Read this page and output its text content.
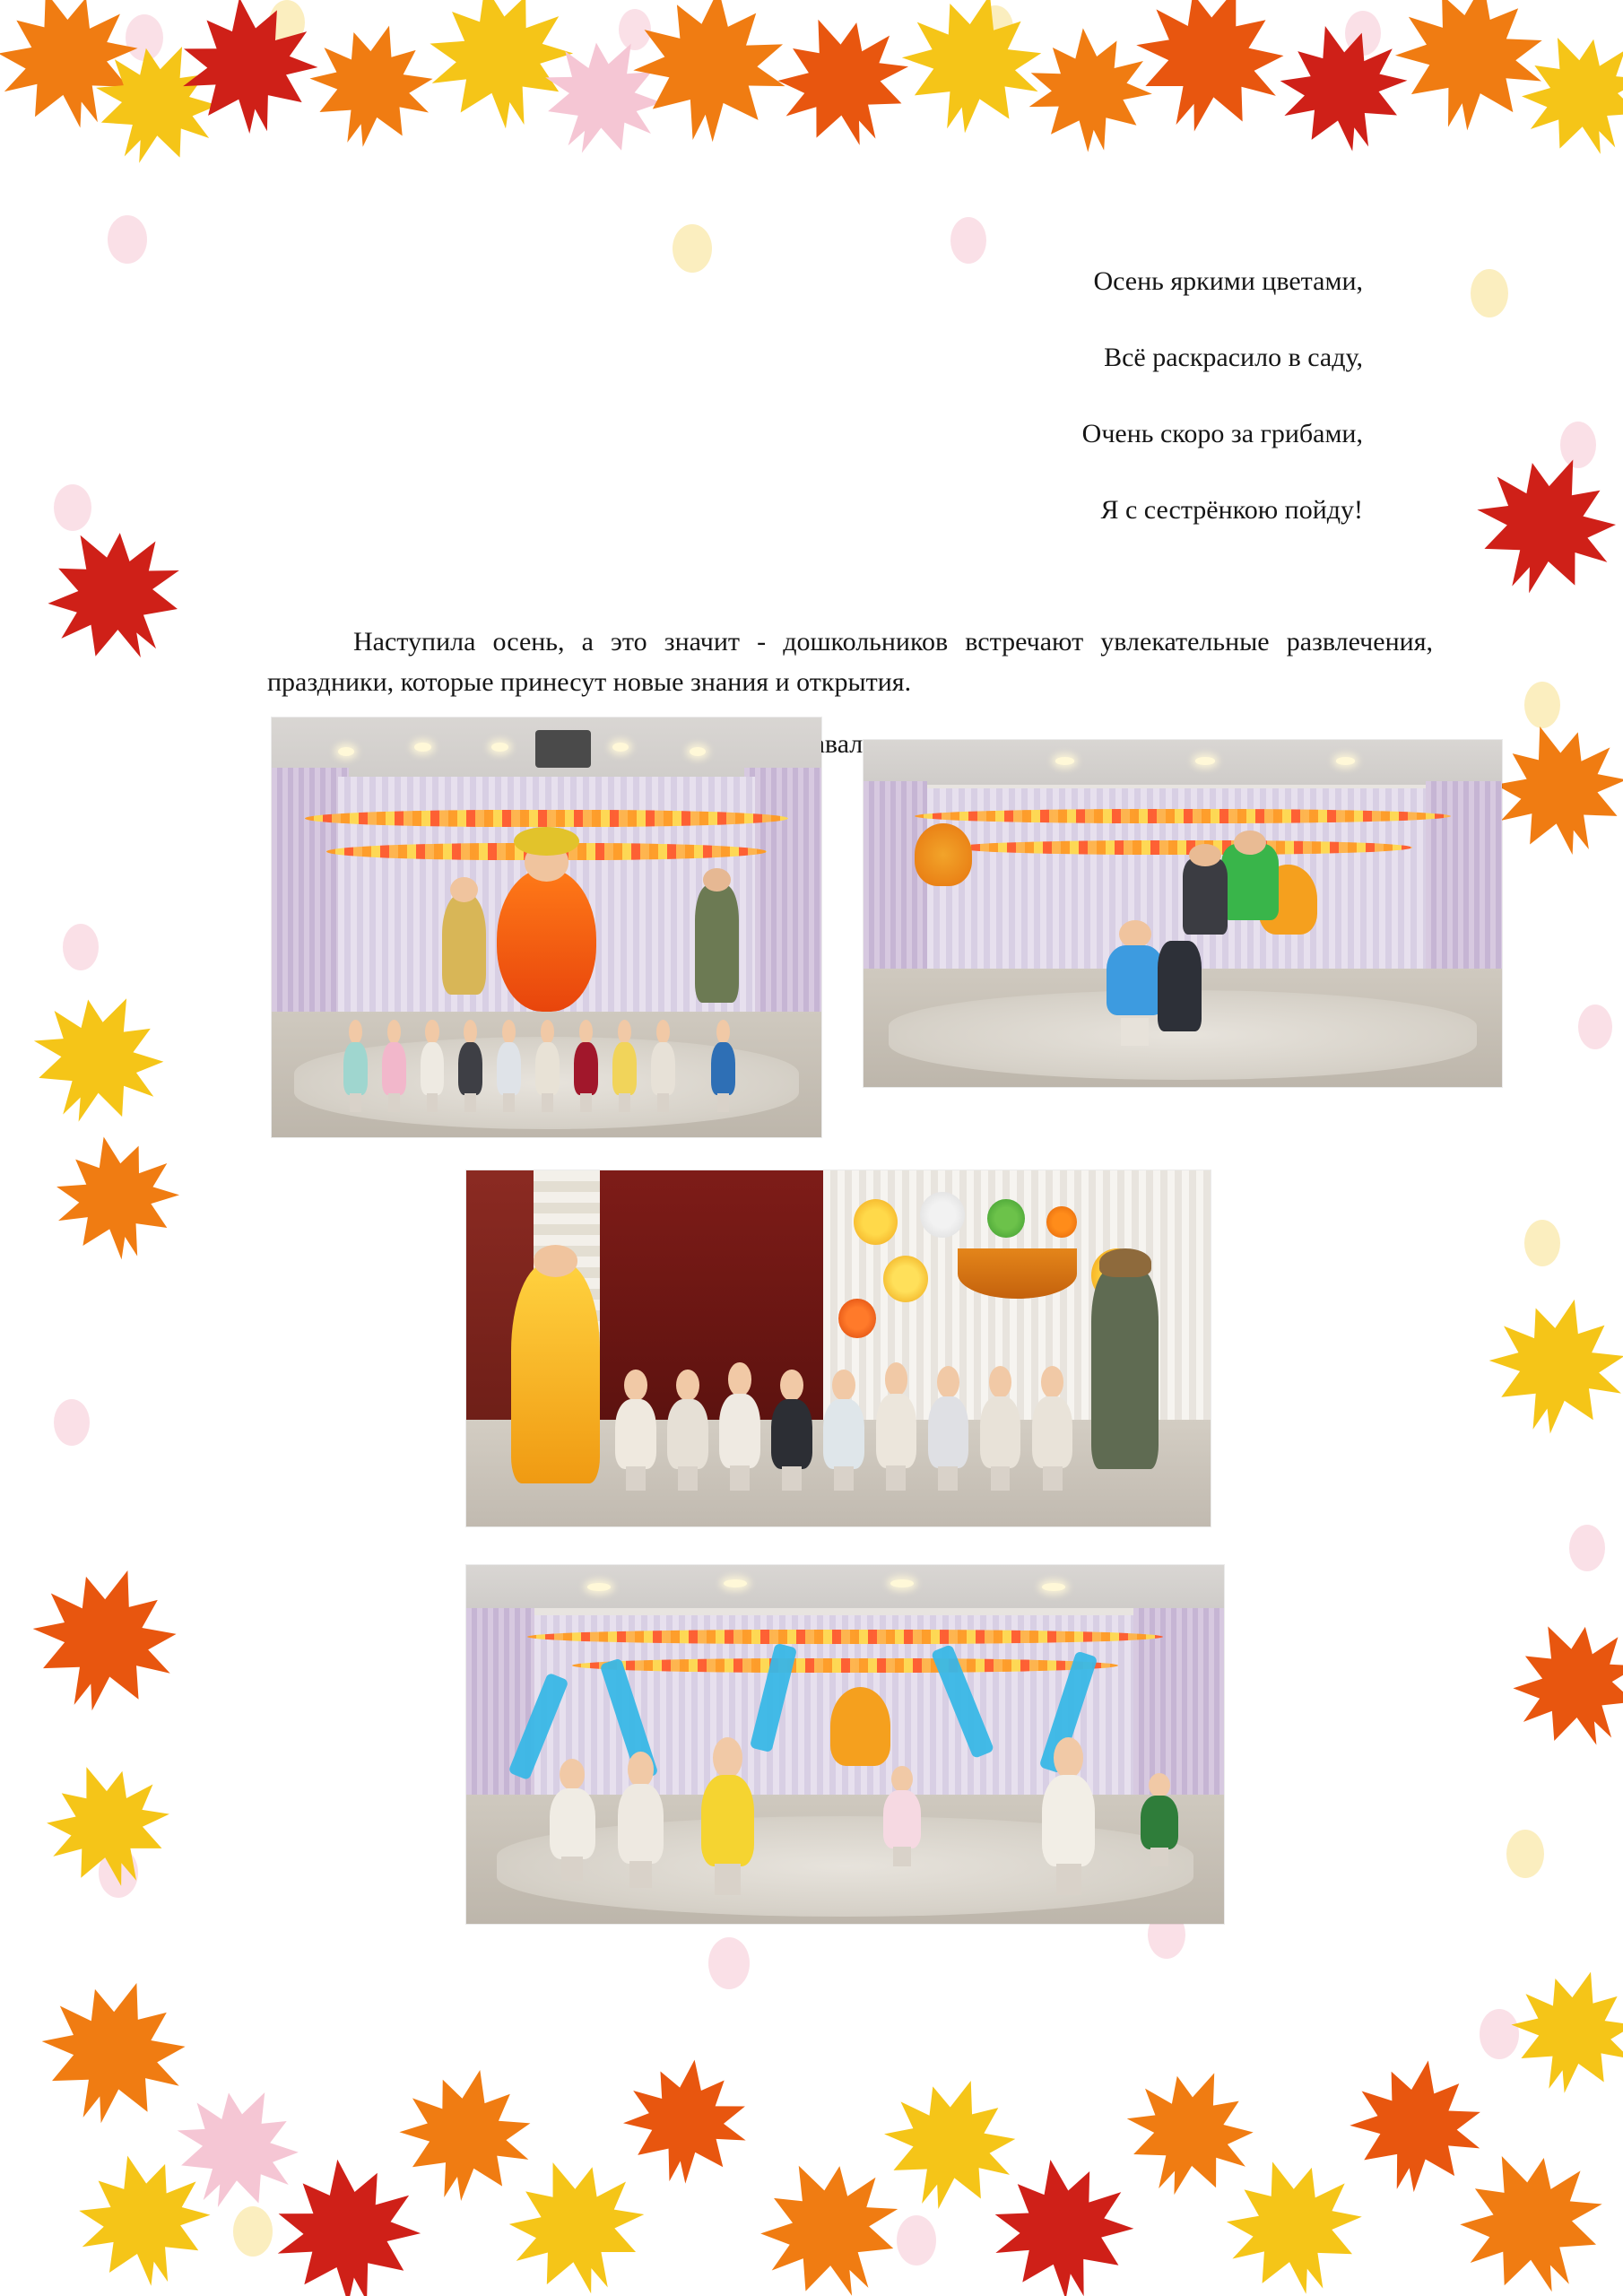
Осень яркими цветами,

Всё раскрасило в саду,

Очень скоро за грибами,

Я с сестрёнкою пойду!

Наступила осень, а это значит - дошкольников встречают увлекательные развлечения, праздники, которые принесут новые знания и открытия.
